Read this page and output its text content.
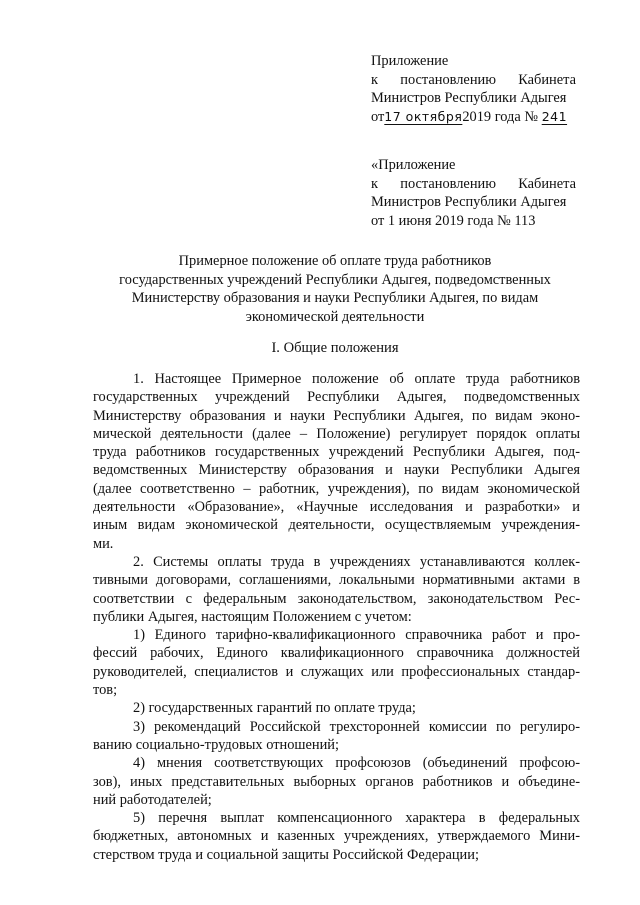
Приложение
к постановлению Кабинета
Министров Республики Адыгея
от17 октября2019 года № 241
«Приложение
к постановлению Кабинета
Министров Республики Адыгея
от 1 июня 2019 года № 113
Примерное положение об оплате труда работников
государственных учреждений Республики Адыгея, подведомственных
Министерству образования и науки Республики Адыгея, по видам
экономической деятельности
I. Общие положения
1. Настоящее Примерное положение об оплате труда работников
государственных учреждений Республики Адыгея, подведомственных
Министерству образования и науки Республики Адыгея, по видам эконо-
мической деятельности (далее – Положение) регулирует порядок оплаты
труда работников государственных учреждений Республики Адыгея, под-
ведомственных Министерству образования и науки Республики Адыгея
(далее соответственно – работник, учреждения), по видам экономической
деятельности «Образование», «Научные исследования и разработки» и
иным видам экономической деятельности, осуществляемым учреждения-
ми.
2. Системы оплаты труда в учреждениях устанавливаются коллек-
тивными договорами, соглашениями, локальными нормативными актами в
соответствии с федеральным законодательством, законодательством Рес-
публики Адыгея, настоящим Положением с учетом:
1) Единого тарифно-квалификационного справочника работ и про-
фессий рабочих, Единого квалификационного справочника должностей
руководителей, специалистов и служащих или профессиональных стандар-
тов;
2) государственных гарантий по оплате труда;
3) рекомендаций Российской трехсторонней комиссии по регулиро-
ванию социально-трудовых отношений;
4) мнения соответствующих профсоюзов (объединений профсою-
зов), иных представительных выборных органов работников и объедине-
ний работодателей;
5) перечня выплат компенсационного характера в федеральных
бюджетных, автономных и казенных учреждениях, утверждаемого Мини-
стерством труда и социальной защиты Российской Федерации;
